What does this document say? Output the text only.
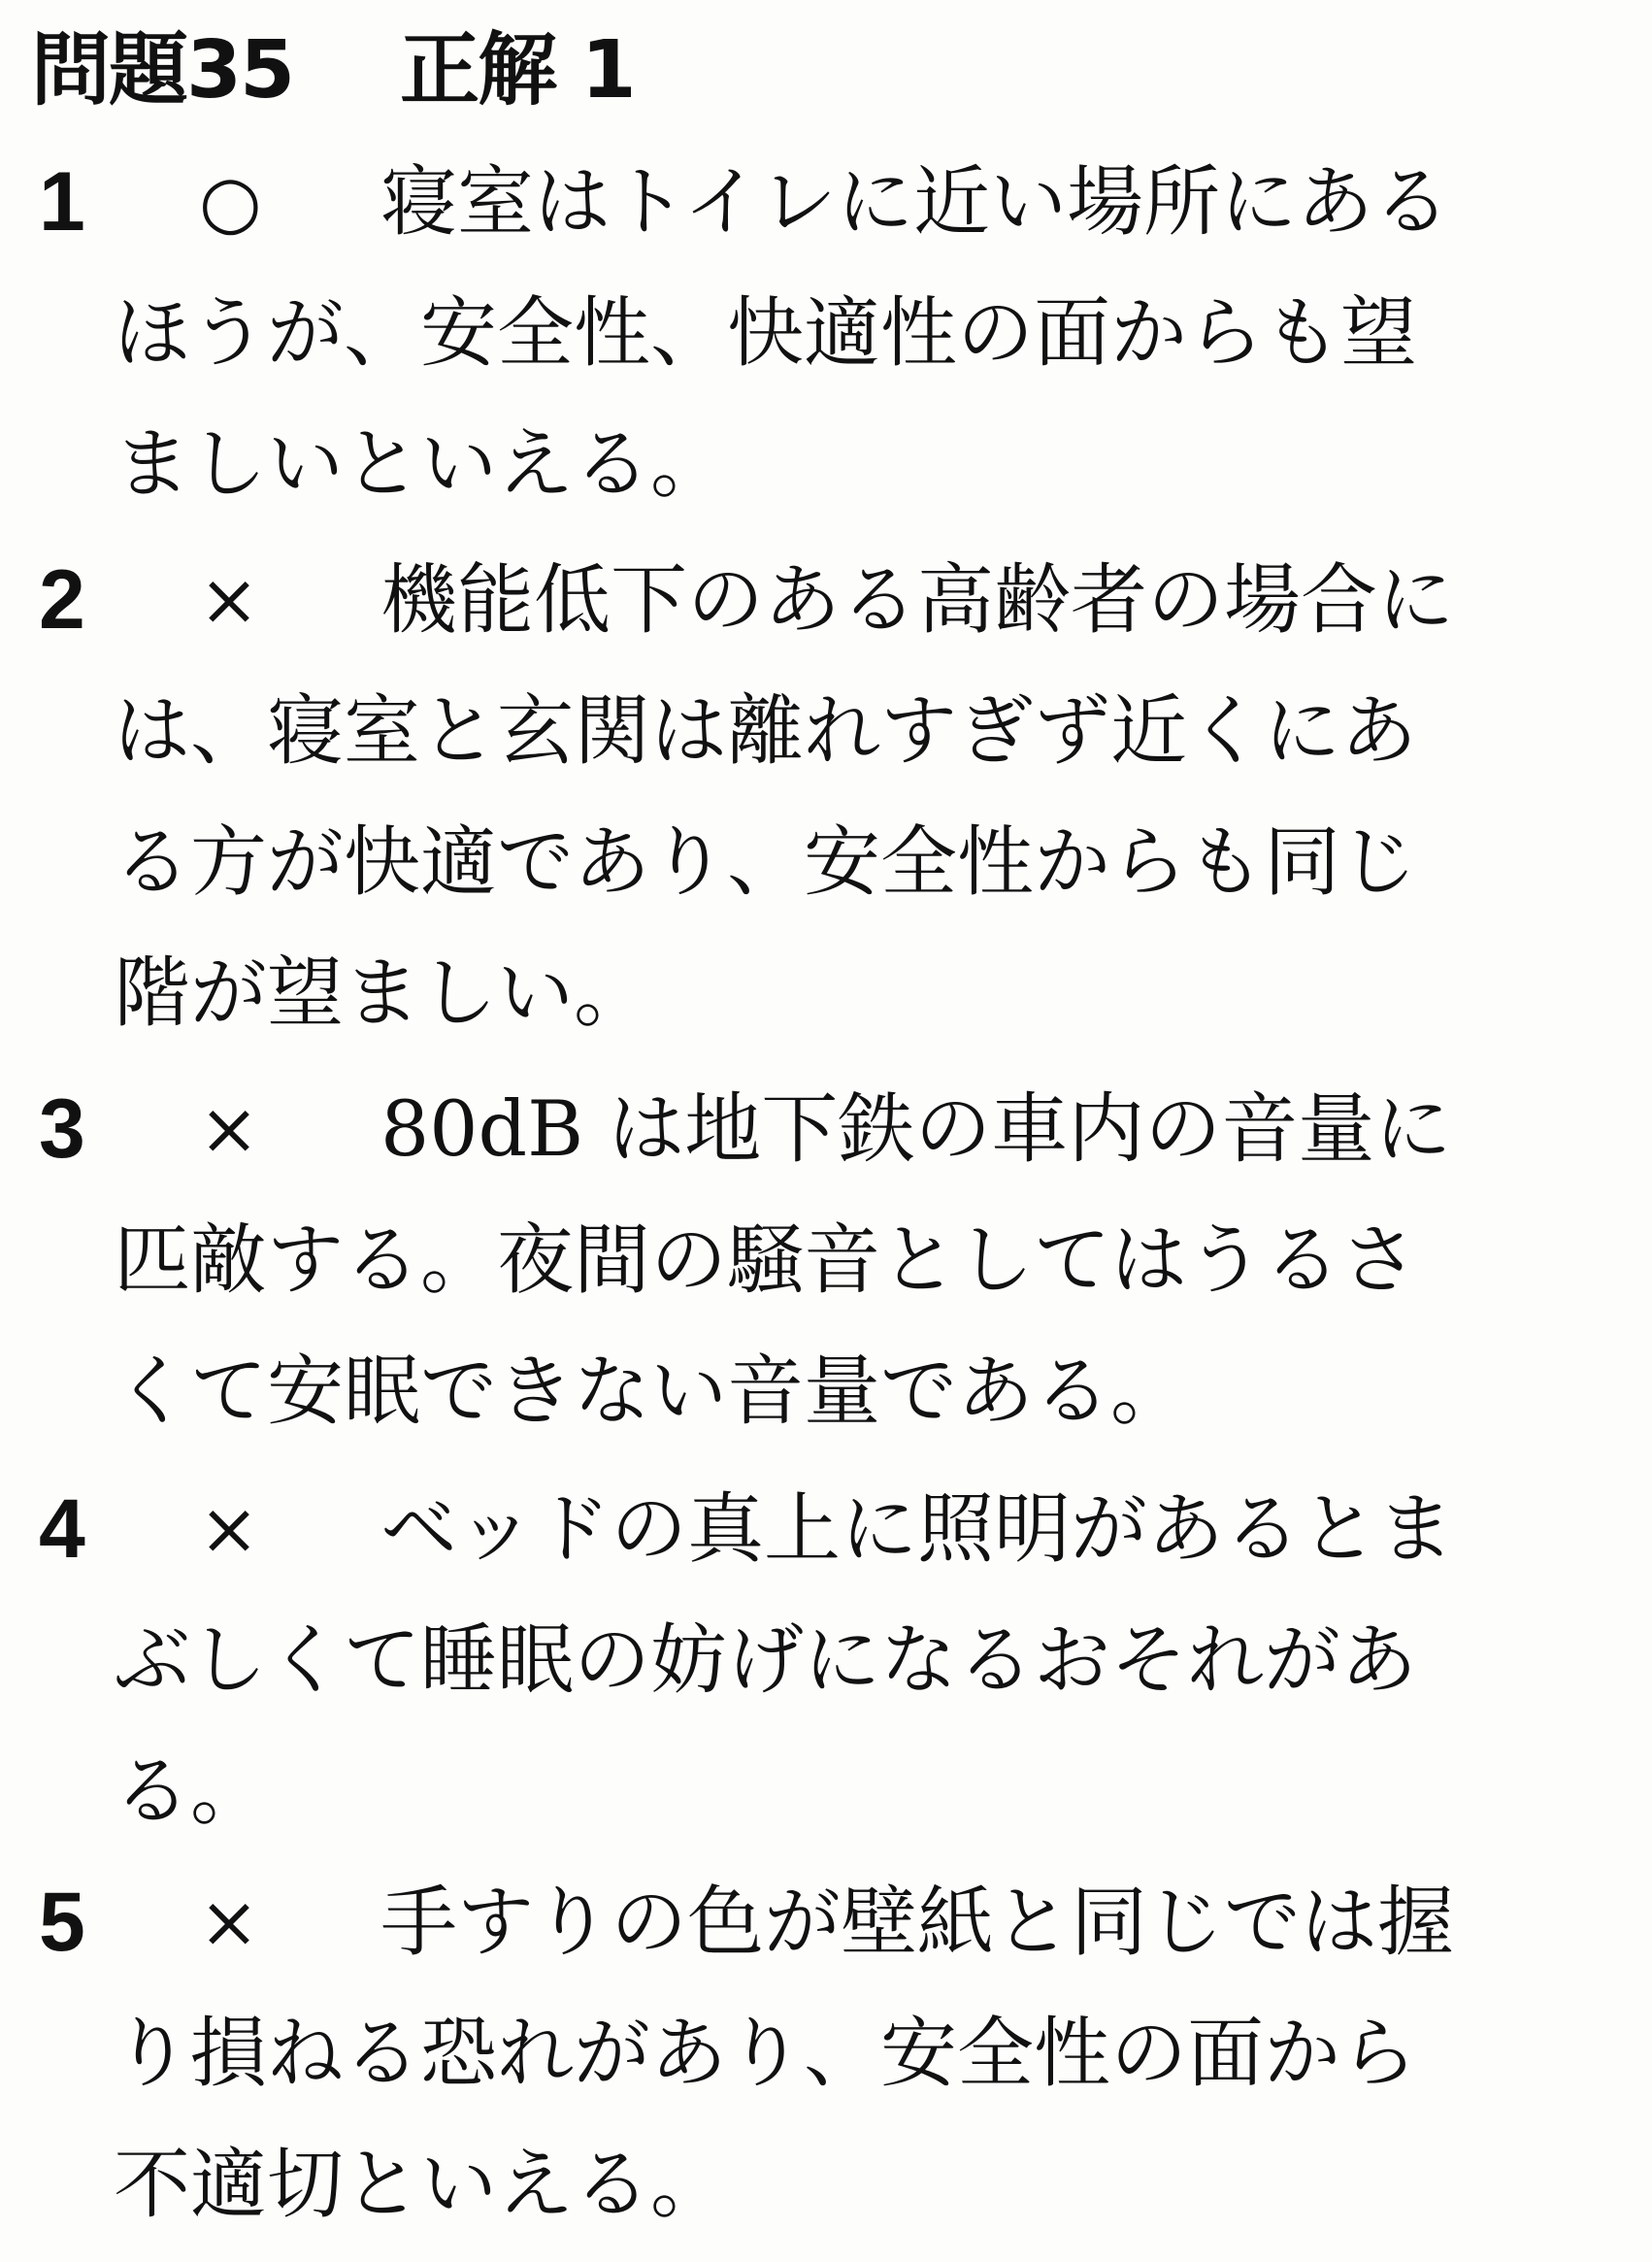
問題35 正解 1
1 ○	寝室はトイレに近い場所にある
ほうが、安全性、快適性の面からも望
ましいといえる。
2 ×	機能低下のある高齢者の場合に
は、寝室と玄関は離れすぎず近くにあ
る方が快適であり、安全性からも同じ
階が望ましい。
3 ×	80dB は地下鉄の車内の音量に
匹敵する。夜間の騒音としてはうるさ
くて安眠できない音量である。
4 ×	ベッドの真上に照明があるとま
ぶしくて睡眠の妨げになるおそれがあ
る。
5 ×	手すりの色が壁紙と同じでは握
り損ねる恐れがあり、安全性の面から
不適切といえる。
